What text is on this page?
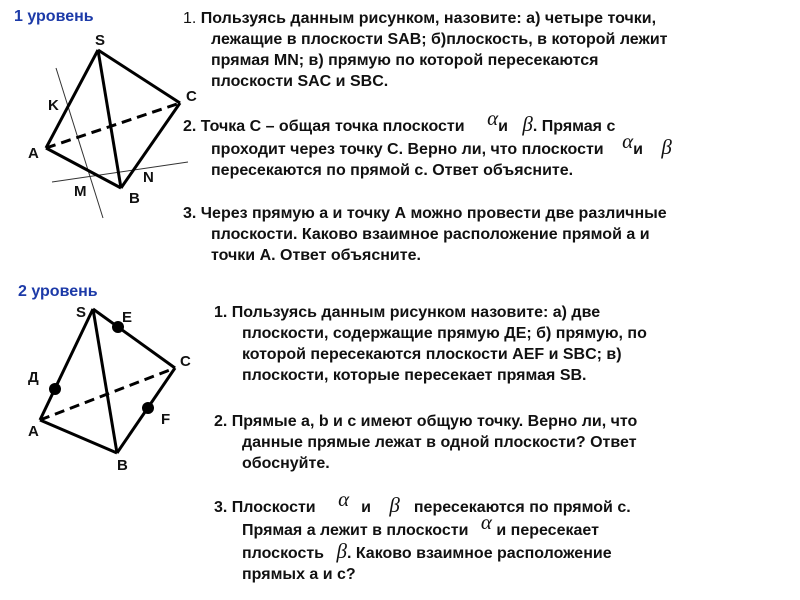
1 уровень
S
K
C
A
M
N
B
1. Пользуясь данным рисунком, назовите: а) четыре точки,
лежащие в плоскости SAB; б)плоскость, в которой лежит
прямая MN; в) прямую по которой пересекаются
плоскости SAC и SBC.
2. Точка С – общая точка плоскости αи β. Прямая с
проходит через точку С. Верно ли, что плоскости αи β
пересекаются по прямой с. Ответ объясните.
3. Через прямую а и точку А можно провести две различные
плоскости. Каково взаимное расположение прямой а и
точки А. Ответ объясните.
2 уровень
S E
Д
C
A
F
B
1. Пользуясь данным рисунком назовите: а) две
плоскости, содержащие прямую ДЕ; б) прямую, по
которой пересекаются плоскости AEF и SBC; в)
плоскости, которые пересекает прямая SB.
2. Прямые a, b и c имеют общую точку. Верно ли, что
данные прямые лежат в одной плоскости? Ответ
обоснуйте.
3. Плоскости α и β пересекаются по прямой с.
Прямая а лежит в плоскости α и пересекает
плоскость β. Каково взаимное расположение
прямых а и с?
